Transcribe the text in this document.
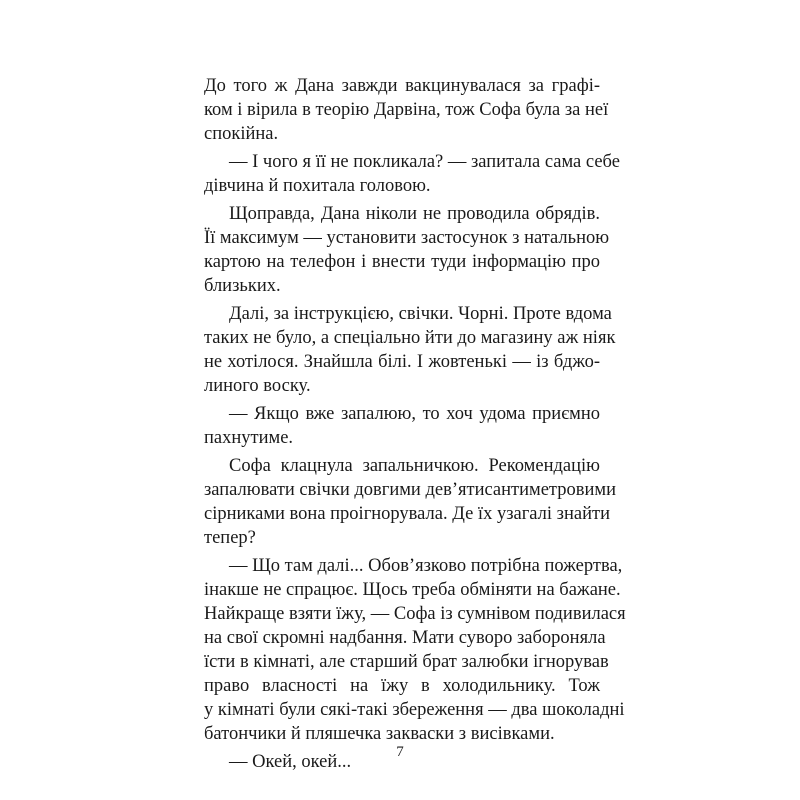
До того ж Дана завжди вакцинувалася за графі-
ком і вірила в теорію Дарвіна, тож Софа була за неї
спокійна.
— І чого я її не покликала? — запитала сама себе
дівчина й похитала головою.
Щоправда, Дана ніколи не проводила обрядів.
Її максимум — установити застосунок з натальною
картою на телефон і внести туди інформацію про
близьких.
Далі, за інструкцією, свічки. Чорні. Проте вдома
таких не було, а спеціально йти до магазину аж ніяк
не хотілося. Знайшла білі. І жовтенькі — із бджо-
линого воску.
— Якщо вже запалюю, то хоч удома приємно
пахнутиме.
Софа клацнула запальничкою. Рекомендацію
запалювати свічки довгими дев’ятисантиметровими
сірниками вона проігнорувала. Де їх узагалі знайти
тепер?
— Що там далі... Обов’язково потрібна пожертва,
інакше не спрацює. Щось треба обміняти на бажане.
Найкраще взяти їжу, — Софа із сумнівом подивилася
на свої скромні надбання. Мати суворо забороняла
їсти в кімнаті, але старший брат залюбки ігнорував
право власності на їжу в холодильнику. Тож
у кімнаті були сякі-такі збереження — два шоколадні
батончики й пляшечка закваски з висівками.
— Окей, окей...	7
